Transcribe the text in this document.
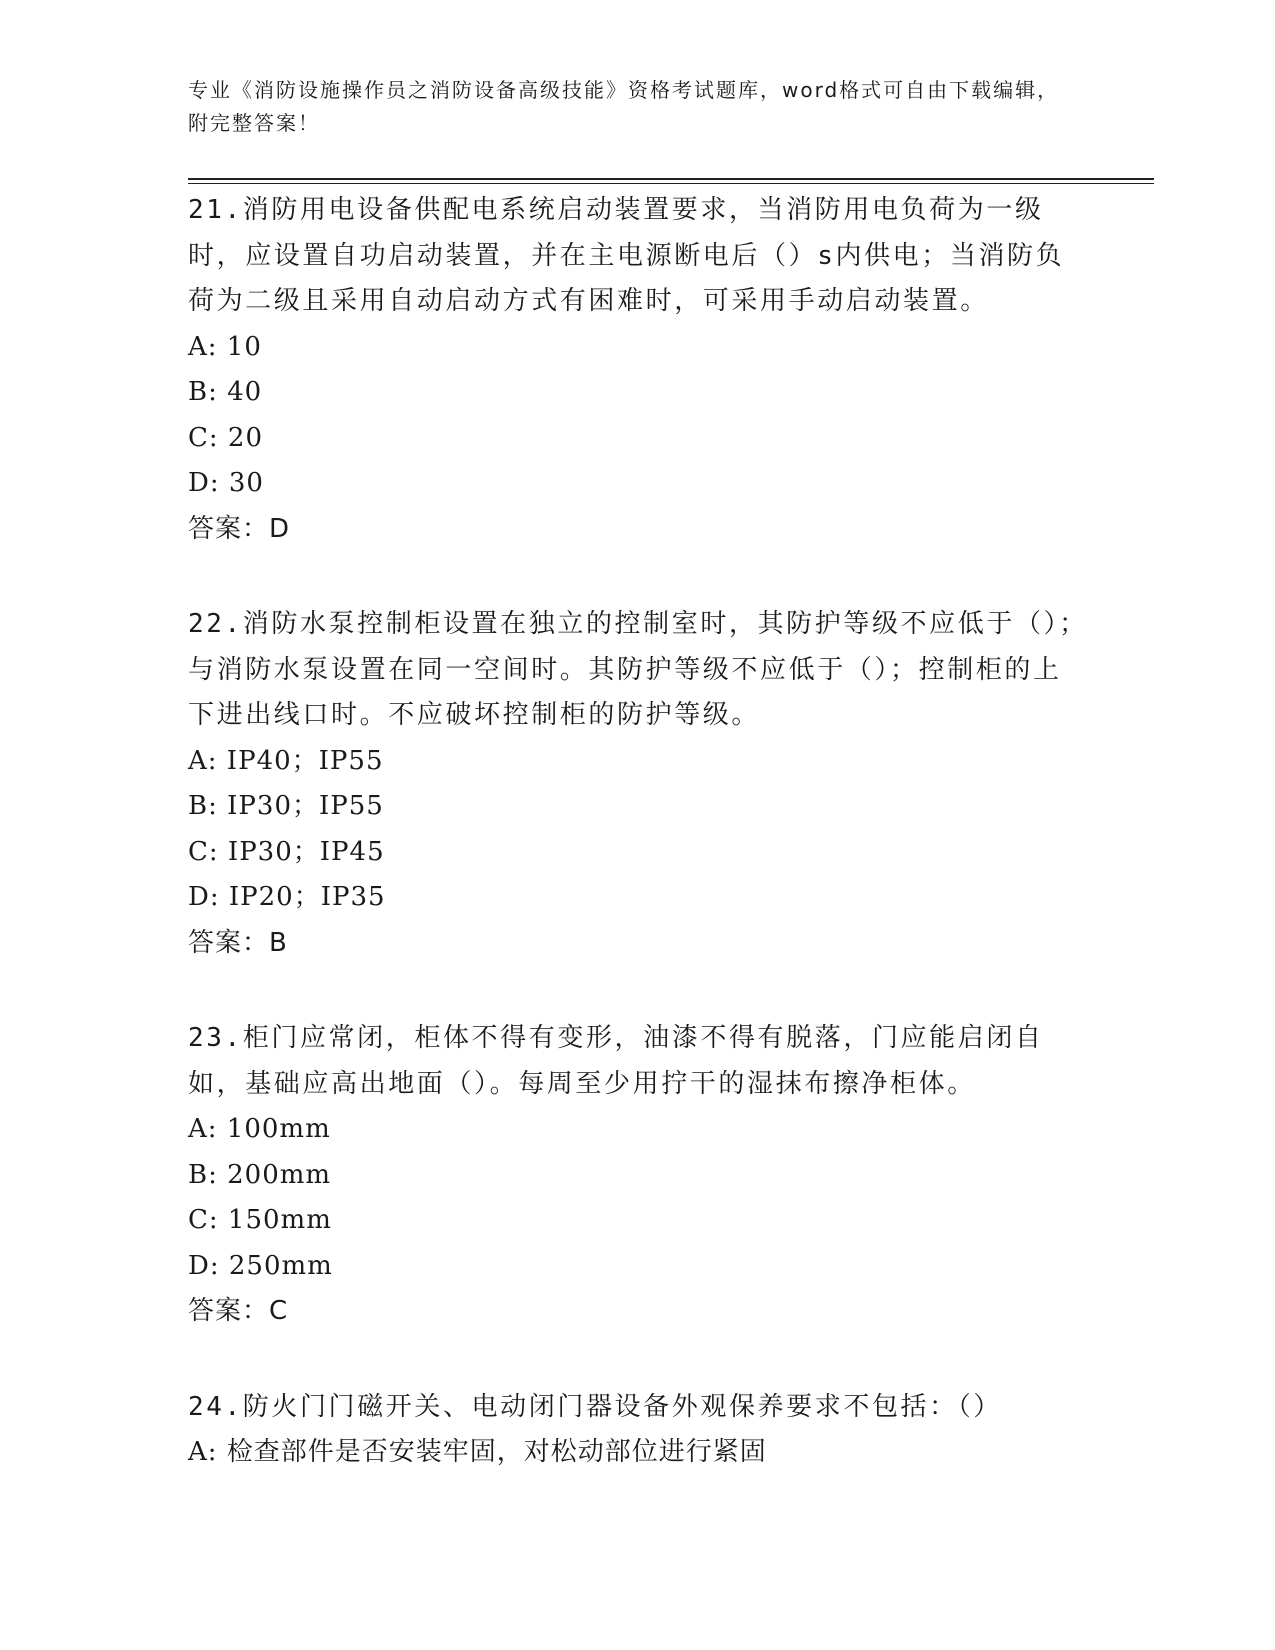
专业《消防设施操作员之消防设备高级技能》资格考试题库，word格式可自由下载编辑，附完整答案！
21.消防用电设备供配电系统启动装置要求，当消防用电负荷为一级时，应设置自功启动装置，并在主电源断电后（）s内供电；当消防负荷为二级且采用自动启动方式有困难时，可采用手动启动装置。
A: 10
B: 40
C: 20
D: 30
答案：D
22.消防水泵控制柜设置在独立的控制室时，其防护等级不应低于（）；与消防水泵设置在同一空间时。其防护等级不应低于（）；控制柜的上下进出线口时。不应破坏控制柜的防护等级。
A: IP40；IP55
B: IP30；IP55
C: IP30；IP45
D: IP20；IP35
答案：B
23.柜门应常闭，柜体不得有变形，油漆不得有脱落，门应能启闭自如，基础应高出地面（）。每周至少用拧干的湿抹布擦净柜体。
A: 100mm
B: 200mm
C: 150mm
D: 250mm
答案：C
24.防火门门磁开关、电动闭门器设备外观保养要求不包括：（）
A: 检查部件是否安装牢固，对松动部位进行紧固
